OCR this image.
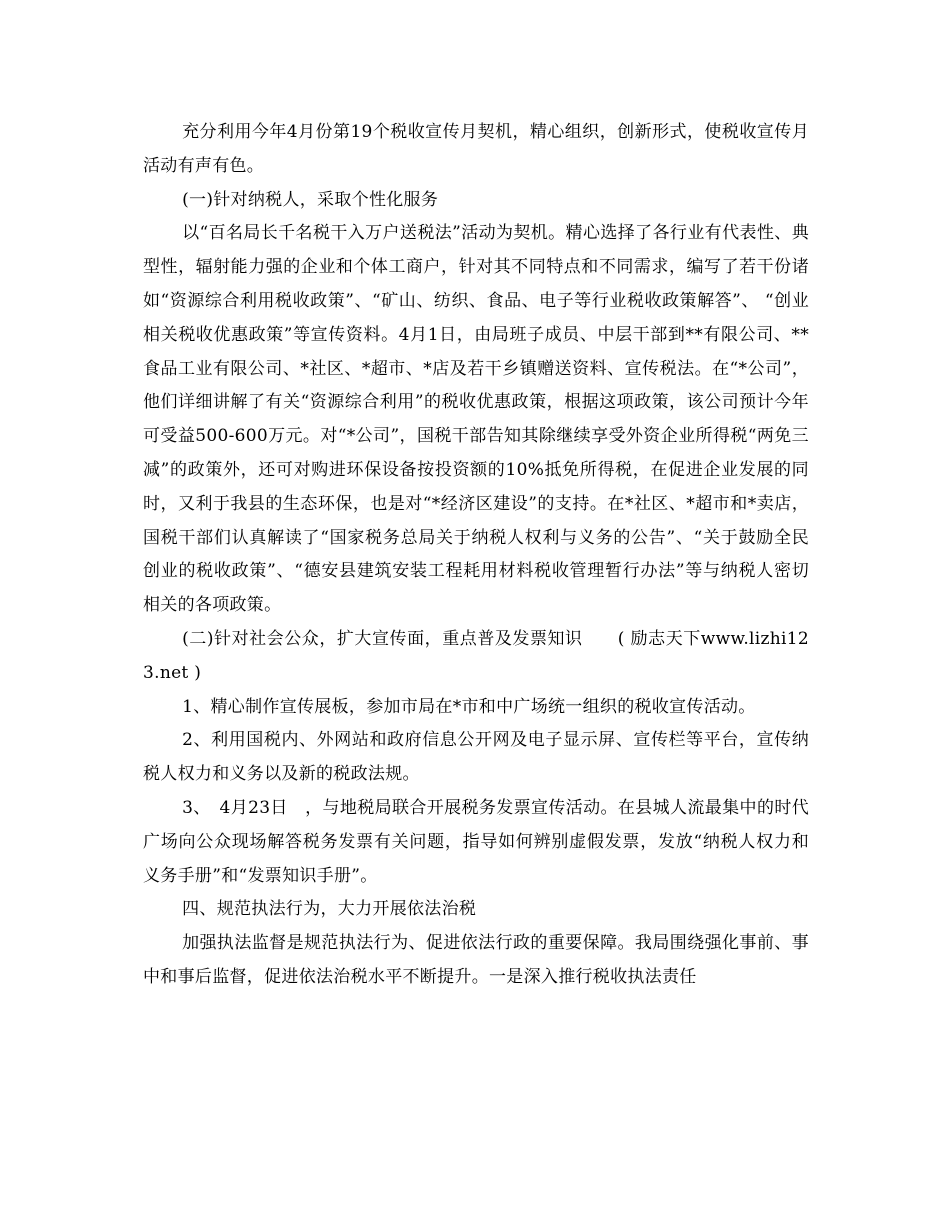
充分利用今年4月份第19个税收宣传月契机，精心组织，创新形式，使税收宣传月活动有声有色。

(一)针对纳税人，采取个性化服务

以“百名局长千名税干入万户送税法”活动为契机。精心选择了各行业有代表性、典型性，辐射能力强的企业和个体工商户，针对其不同特点和不同需求，编写了若干份诸如“资源综合利用税收政策”、“矿山、纺织、食品、电子等行业税收政策解答”、 “创业相关税收优惠政策”等宣传资料。4月1日，由局班子成员、中层干部到**有限公司、**食品工业有限公司、*社区、*超市、*店及若干乡镇赠送资料、宣传税法。在“*公司”，他们详细讲解了有关“资源综合利用”的税收优惠政策，根据这项政策，该公司预计今年可受益500-600万元。对“*公司”，国税干部告知其除继续享受外资企业所得税“两免三减”的政策外，还可对购进环保设备按投资额的10%抵免所得税，在促进企业发展的同时，又利于我县的生态环保，也是对“*经济区建设”的支持。在*社区、*超市和*卖店，国税干部们认真解读了“国家税务总局关于纳税人权利与义务的公告”、“关于鼓励全民创业的税收政策”、“德安县建筑安装工程耗用材料税收管理暂行办法”等与纳税人密切相关的各项政策。

(二)针对社会公众，扩大宣传面，重点普及发票知识　　( 励志天下www.lizhi123.net )

1、精心制作宣传展板，参加市局在*市和中广场统一组织的税收宣传活动。

2、利用国税内、外网站和政府信息公开网及电子显示屏、宣传栏等平台，宣传纳税人权力和义务以及新的税政法规。

3、　4月23日　，与地税局联合开展税务发票宣传活动。在县城人流最集中的时代广场向公众现场解答税务发票有关问题，指导如何辨别虚假发票，发放“纳税人权力和义务手册”和“发票知识手册”。

四、规范执法行为，大力开展依法治税

加强执法监督是规范执法行为、促进依法行政的重要保障。我局围绕强化事前、事中和事后监督，促进依法治税水平不断提升。一是深入推行税收执法责任
